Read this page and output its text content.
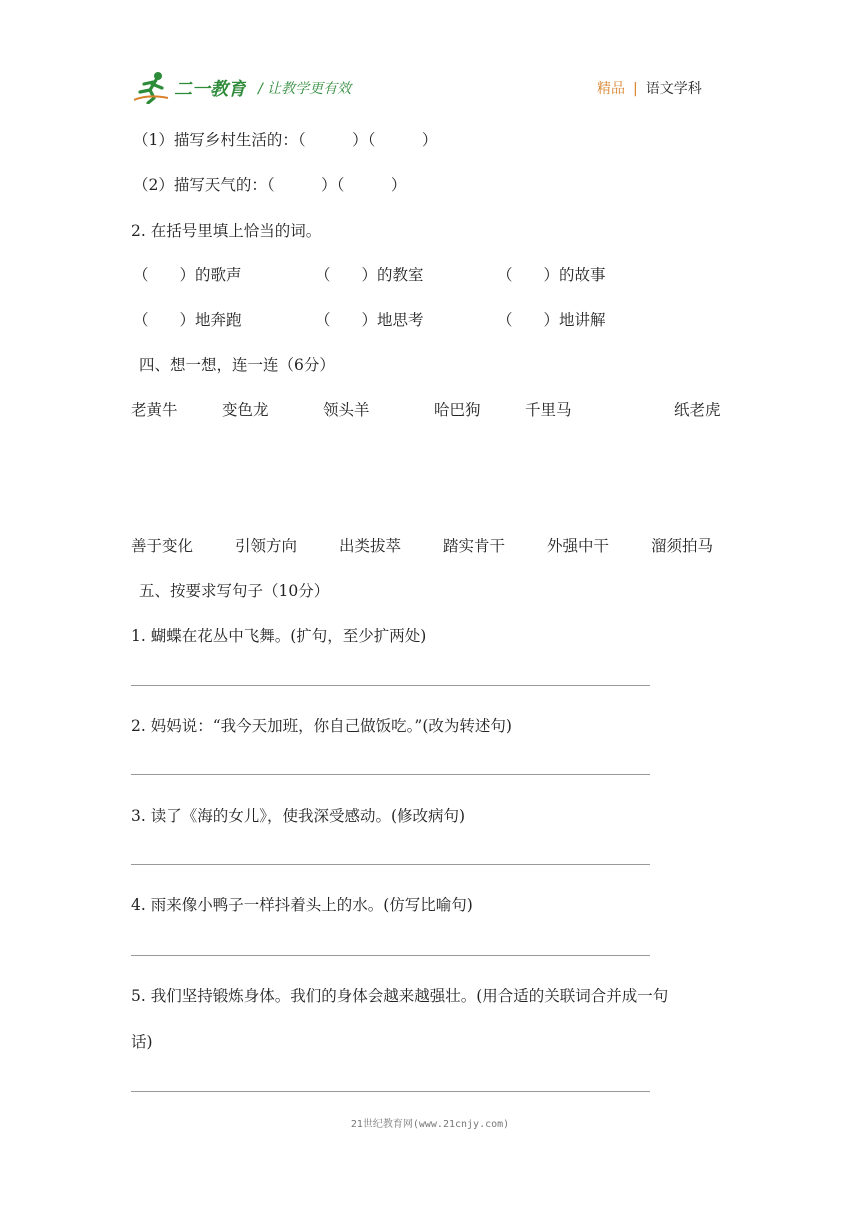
二一教育 / 让教学更有效	精品 | 语文学科
（1）描写乡村生活的：（　　　）（　　　）
（2）描写天气的：（　　　）（　　　）
2. 在括号里填上恰当的词。
（　　）的歌声	（　　）的教室	（　　）的故事
（　　）地奔跑	（　　）地思考	（　　）地讲解
四、想一想，连一连（6分）
老黄牛	变色龙	领头羊	哈巴狗	千里马	纸老虎
善于变化	引领方向	出类拔萃	踏实肯干	外强中干	溜须拍马
五、按要求写句子（10分）
1. 蝴蝶在花丛中飞舞。(扩句，至少扩两处)
2. 妈妈说：“我今天加班，你自己做饭吃。”(改为转述句)
3. 读了《海的女儿》，使我深受感动。(修改病句)
4. 雨来像小鸭子一样抖着头上的水。(仿写比喻句)
5. 我们坚持锻炼身体。我们的身体会越来越强壮。(用合适的关联词合并成一句
话)
21世纪教育网(www.21cnjy.com)
